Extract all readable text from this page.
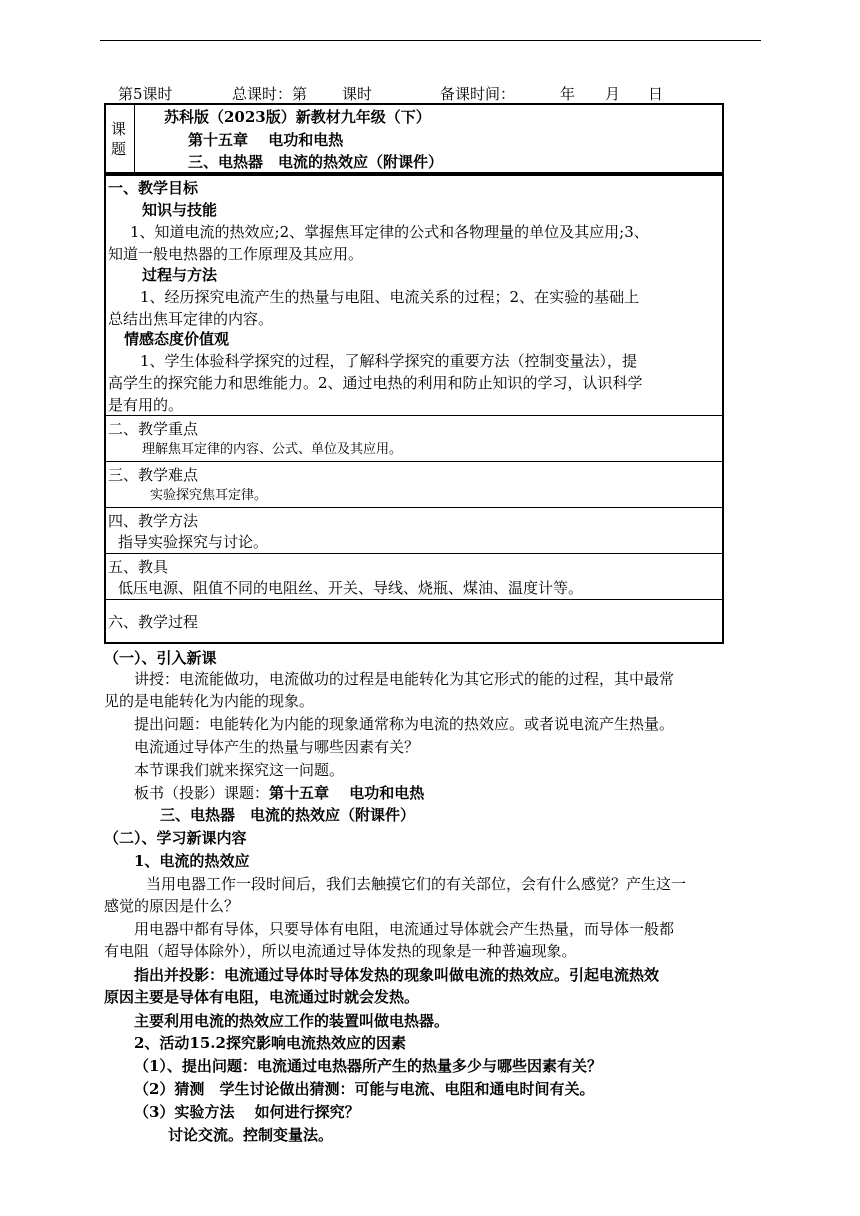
第5课时	总课时：第 课时	备课时间：	年 月 日
课
题
苏科版（2023版）新教材九年级（下）
第十五章　 电功和电热
三、电热器　电流的热效应（附课件）
一、教学目标
知识与技能
1、知道电流的热效应;2、掌握焦耳定律的公式和各物理量的单位及其应用;3、
知道一般电热器的工作原理及其应用。
过程与方法
1、经历探究电流产生的热量与电阻、电流关系的过程；2、在实验的基础上
总结出焦耳定律的内容。
情感态度价值观
1、学生体验科学探究的过程，了解科学探究的重要方法（控制变量法），提
高学生的探究能力和思维能力。2、通过电热的利用和防止知识的学习，认识科学
是有用的。
二、教学重点
理解焦耳定律的内容、公式、单位及其应用。
三、教学难点
实验探究焦耳定律。
四、教学方法
指导实验探究与讨论。
五、教具
低压电源、阻值不同的电阻丝、开关、导线、烧瓶、煤油、温度计等。
六、教学过程
（一）、引入新课
讲授：电流能做功，电流做功的过程是电能转化为其它形式的能的过程，其中最常
见的是电能转化为内能的现象。
提出问题：电能转化为内能的现象通常称为电流的热效应。或者说电流产生热量。
电流通过导体产生的热量与哪些因素有关？
本节课我们就来探究这一问题。
板书（投影）课题：第十五章　 电功和电热
三、电热器　电流的热效应（附课件）
（二）、学习新课内容
1、电流的热效应
当用电器工作一段时间后，我们去触摸它们的有关部位，会有什么感觉？产生这一
感觉的原因是什么？
用电器中都有导体，只要导体有电阻，电流通过导体就会产生热量，而导体一般都
有电阻（超导体除外），所以电流通过导体发热的现象是一种普遍现象。
指出并投影：电流通过导体时导体发热的现象叫做电流的热效应。引起电流热效
原因主要是导体有电阻，电流通过时就会发热。
主要利用电流的热效应工作的装置叫做电热器。
2、活动15.2探究影响电流热效应的因素
（1）、提出问题：电流通过电热器所产生的热量多少与哪些因素有关？
（2）猜测　学生讨论做出猜测：可能与电流、电阻和通电时间有关。
（3）实验方法　 如何进行探究？
讨论交流。控制变量法。
